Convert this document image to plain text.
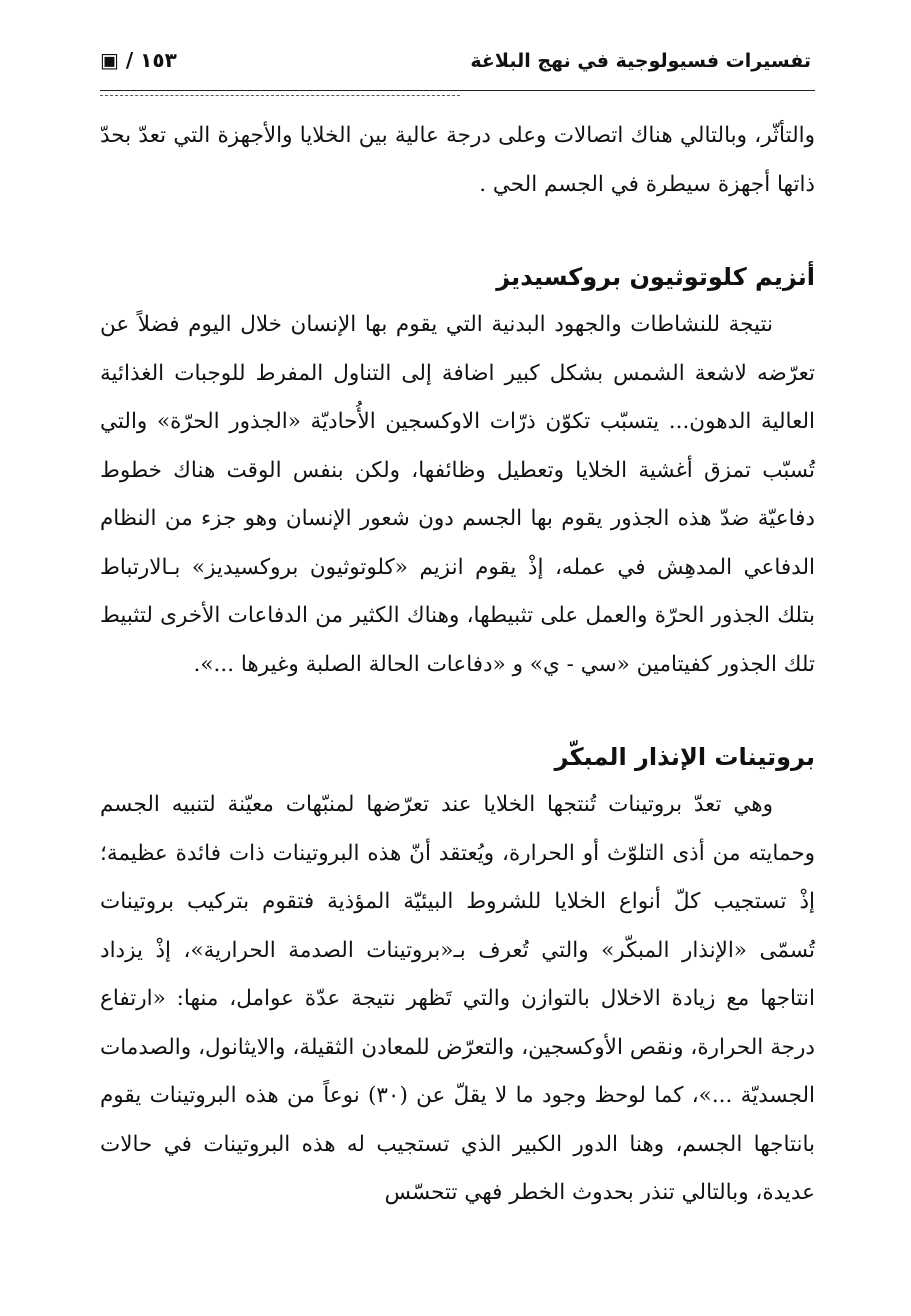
تفسيرات فسيولوجية في نهج البلاغة
١٥٣ / ▣

والتأثّر، وبالتالي هناك اتصالات وعلى درجة عالية بين الخلايا والأجهزة التي تعدّ بحدّ ذاتها أجهزة سيطرة في الجسم الحي .

أنزيم كلوتوثيون بروكسيديز

نتيجة للنشاطات والجهود البدنية التي يقوم بها الإنسان خلال اليوم فضلاً عن تعرّضه لاشعة الشمس بشكل كبير اضافة إلى التناول المفرط للوجبات الغذائية العالية الدهون... يتسبّب تكوّن ذرّات الاوكسجين الأُحاديّة «الجذور الحرّة» والتي تُسبّب تمزق أغشية الخلايا وتعطيل وظائفها، ولكن بنفس الوقت هناك خطوط دفاعيّة ضدّ هذه الجذور يقوم بها الجسم دون شعور الإنسان وهو جزء من النظام الدفاعي المدهِش في عمله، إذْ يقوم انزيم «كلوتوثيون بروكسيديز» بـالارتباط بتلك الجذور الحرّة والعمل على تثبيطها، وهناك الكثير من الدفاعات الأخرى لتثبيط تلك الجذور كفيتامين «سي - ي» و «دفاعات الحالة الصلبة وغيرها ...».

بروتينات الإنذار المبكّر

وهي تعدّ بروتينات تُنتجها الخلايا عند تعرّضها لمنبّهات معيّنة لتنبيه الجسم وحمايته من أذى التلوّث أو الحرارة، ويُعتقد أنّ هذه البروتينات ذات فائدة عظيمة؛ إذْ تستجيب كلّ أنواع الخلايا للشروط البيئيّة المؤذية فتقوم بتركيب بروتينات تُسمّى «الإنذار المبكّر» والتي تُعرف بـ«بروتينات الصدمة الحرارية»، إذْ يزداد انتاجها مع زيادة الاخلال بالتوازن والتي تَظهر نتيجة عدّة عوامل، منها: «ارتفاع درجة الحرارة، ونقص الأوكسجين، والتعرّض للمعادن الثقيلة، والايثانول، والصدمات الجسديّة ...»، كما لوحظ وجود ما لا يقلّ عن (٣٠) نوعاً من هذه البروتينات يقوم بانتاجها الجسم، وهنا الدور الكبير الذي تستجيب له هذه البروتينات في حالات عديدة، وبالتالي تنذر بحدوث الخطر فهي تتحسّس
